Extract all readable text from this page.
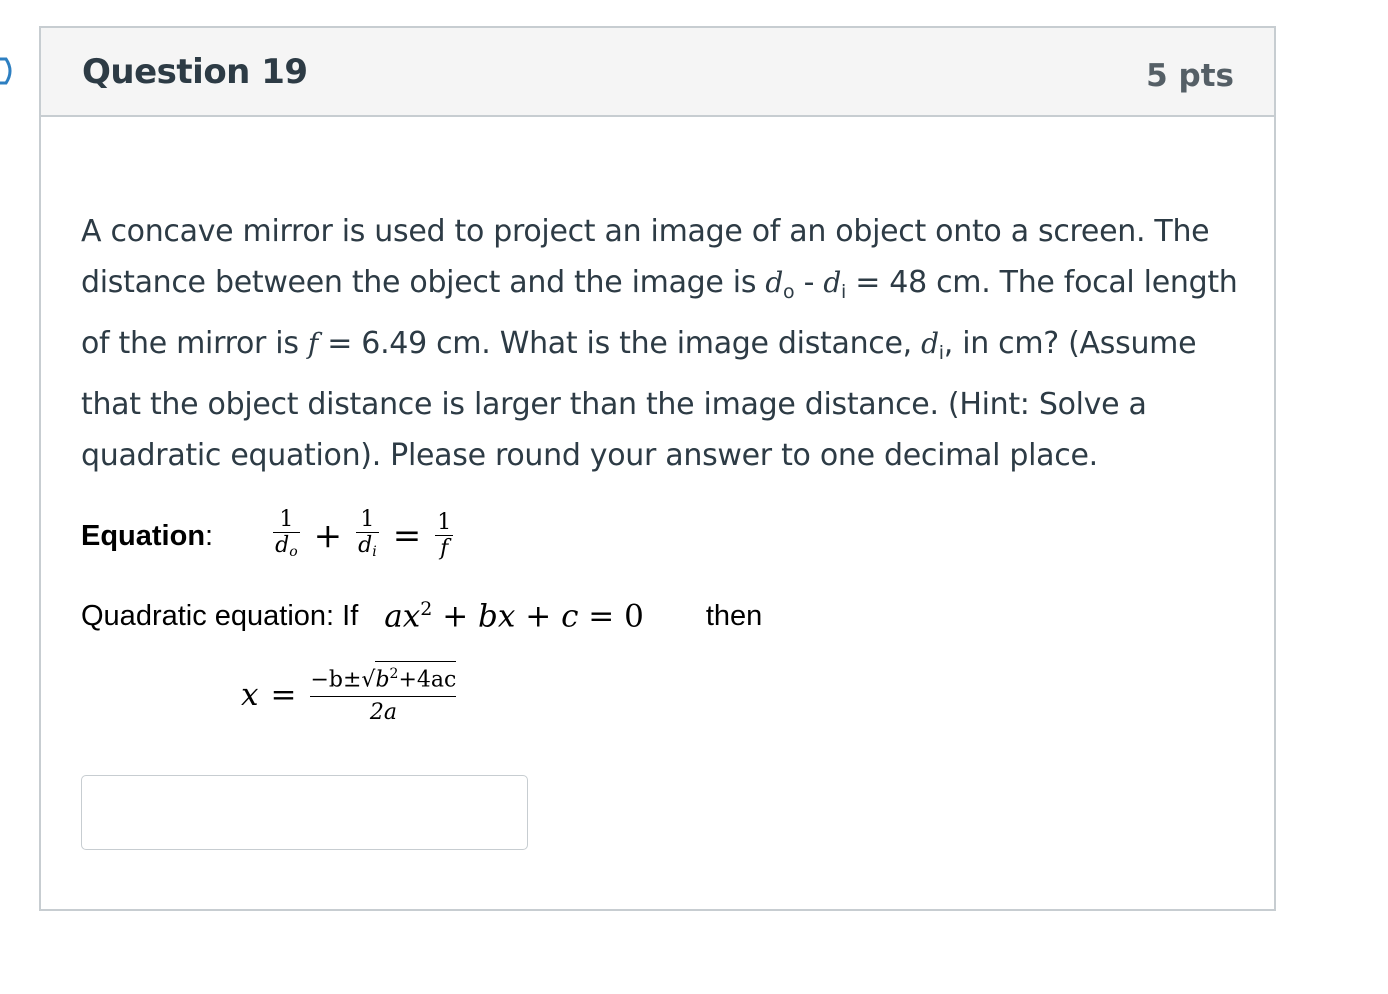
Question 19	5 pts
A concave mirror is used to project an image of an object onto a screen. The distance between the object and the image is $d_o - d_i = 48$ cm. The focal length of the mirror is f = 6.49 cm. What is the image distance, $d_i$, in cm? (Assume that the object distance is larger than the image distance. (Hint: Solve a quadratic equation). Please round your answer to one decimal place.
Equation :	$\frac{1}{do} + \frac{1}{di} = \frac{1}{f}$
Quadratic equation: If $ax^2$ + bx + c = 0 then
$x = \frac{-b\pm√b^2+4ac}{2a}$
